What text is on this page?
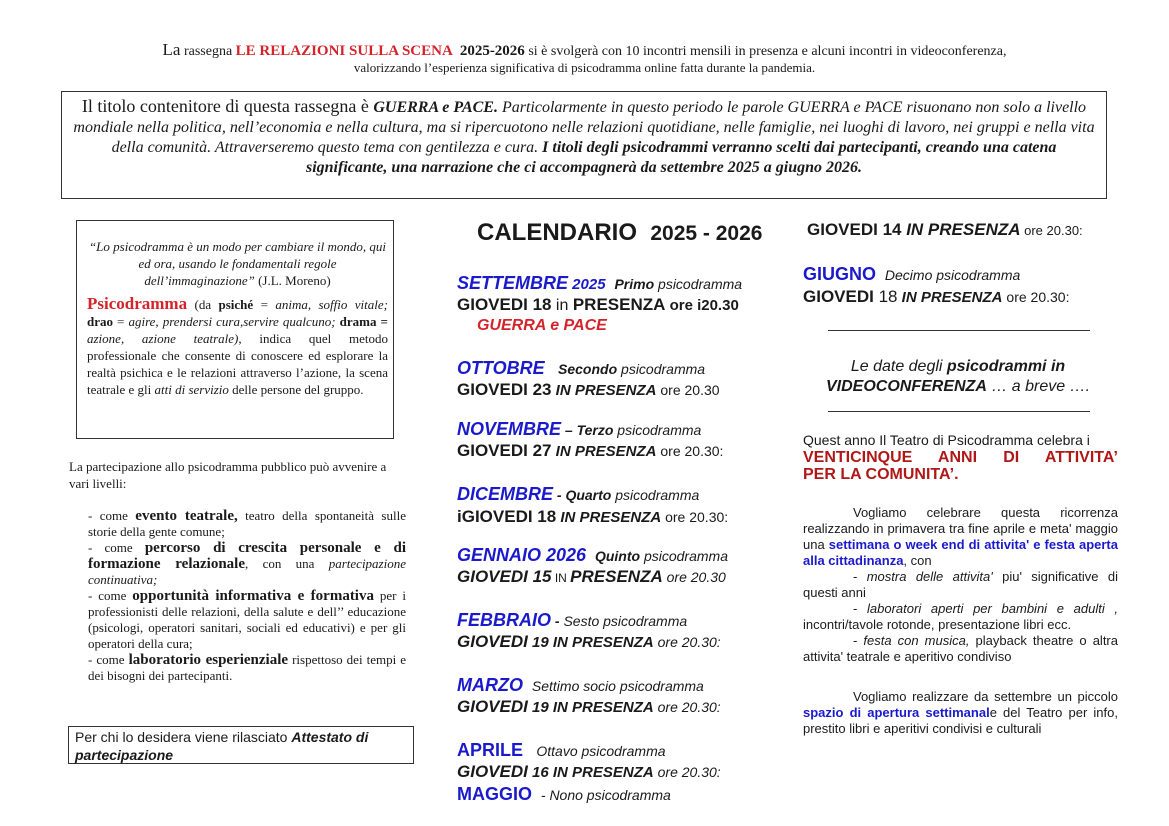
La rassegna LE RELAZIONI SULLA SCENA 2025-2026 si è svolgerà con 10 incontri mensili in presenza e alcuni incontri in videoconferenza,
valorizzando l’esperienza significativa di psicodramma online fatta durante la pandemia.
Il titolo contenitore di questa rassegna è GUERRA e PACE. Particolarmente in questo periodo le parole GUERRA e PACE risuonano non solo a livello mondiale nella politica, nell’economia e nella cultura, ma si ripercuotono nelle relazioni quotidiane, nelle famiglie, nei luoghi di lavoro, nei gruppi e nella vita della comunità. Attraverseremo questo tema con gentilezza e cura. I titoli degli psicodrammi verranno scelti dai partecipanti, creando una catena significante, una narrazione che ci accompagnerà da settembre 2025 a giugno 2026.
“Lo psicodramma è un modo per cambiare il mondo, qui ed ora, usando le fondamentali regole dell’immaginazione” (J.L. Moreno)
Psicodramma (da psiché = anima, soffio vitale; drao = agire, prendersi cura,servire qualcuno; drama = azione, azione teatrale), indica quel metodo professionale che consente di conoscere ed esplorare la realtà psichica e le relazioni attraverso l’azione, la scena teatrale e gli atti di servizio delle persone del gruppo.
La partecipazione allo psicodramma pubblico può avvenire a vari livelli:
- come evento teatrale, teatro della spontaneità sulle storie della gente comune;
- come percorso di crescita personale e di formazione relazionale, con una partecipazione continuativa;
- come opportunità informativa e formativa per i professionisti delle relazioni, della salute e dell’’ educazione (psicologi, operatori sanitari, sociali ed educativi) e per gli operatori della cura;
- come laboratorio esperienziale rispettoso dei tempi e dei bisogni dei partecipanti.
Per chi lo desidera viene rilasciato Attestato di partecipazione
CALENDARIO 2025 - 2026
SETTEMBRE 2025 Primo psicodramma
GIOVEDI 18 in PRESENZA ore i20.30
GUERRA e PACE
OTTOBRE Secondo psicodramma
GIOVEDI 23 IN PRESENZA ore 20.30
NOVEMBRE – Terzo psicodramma
GIOVEDI 27 IN PRESENZA ore 20.30:
DICEMBRE - Quarto psicodramma
iGIOVEDI 18 IN PRESENZA ore 20.30:
GENNAIO 2026 Quinto psicodramma
GIOVEDI 15 IN PRESENZA ore 20.30
FEBBRAIO - Sesto psicodramma
GIOVEDI 19 IN PRESENZA ore 20.30:
MARZO Settimo socio psicodramma
GIOVEDI 19 IN PRESENZA ore 20.30:
APRILE Ottavo psicodramma
GIOVEDI 16 IN PRESENZA ore 20.30:
MAGGIO  - Nono psicodramma
GIOVEDI 14 IN PRESENZA ore 20.30:
GIUGNO Decimo psicodramma
GIOVEDI 18 IN PRESENZA ore 20.30:
Le date degli psicodrammi in VIDEOCONFERENZA … a breve ….
Quest anno Il Teatro di Psicodramma celebra i
VENTICINQUE ANNI DI ATTIVITA’
PER LA COMUNITA’.
Vogliamo celebrare questa ricorrenza realizzando in primavera tra fine aprile e meta' maggio una settimana o week end di attivita' e festa aperta alla cittadinanza, con
- mostra delle attivita' piu' significative di questi anni
- laboratori aperti per bambini e adulti , incontri/tavole rotonde, presentazione libri ecc.
- festa con musica, playback theatre o altra attivita' teatrale e aperitivo condiviso
Vogliamo realizzare da settembre un piccolo spazio di apertura settimanale del Teatro per info, prestito libri e aperitivi condivisi e culturali
